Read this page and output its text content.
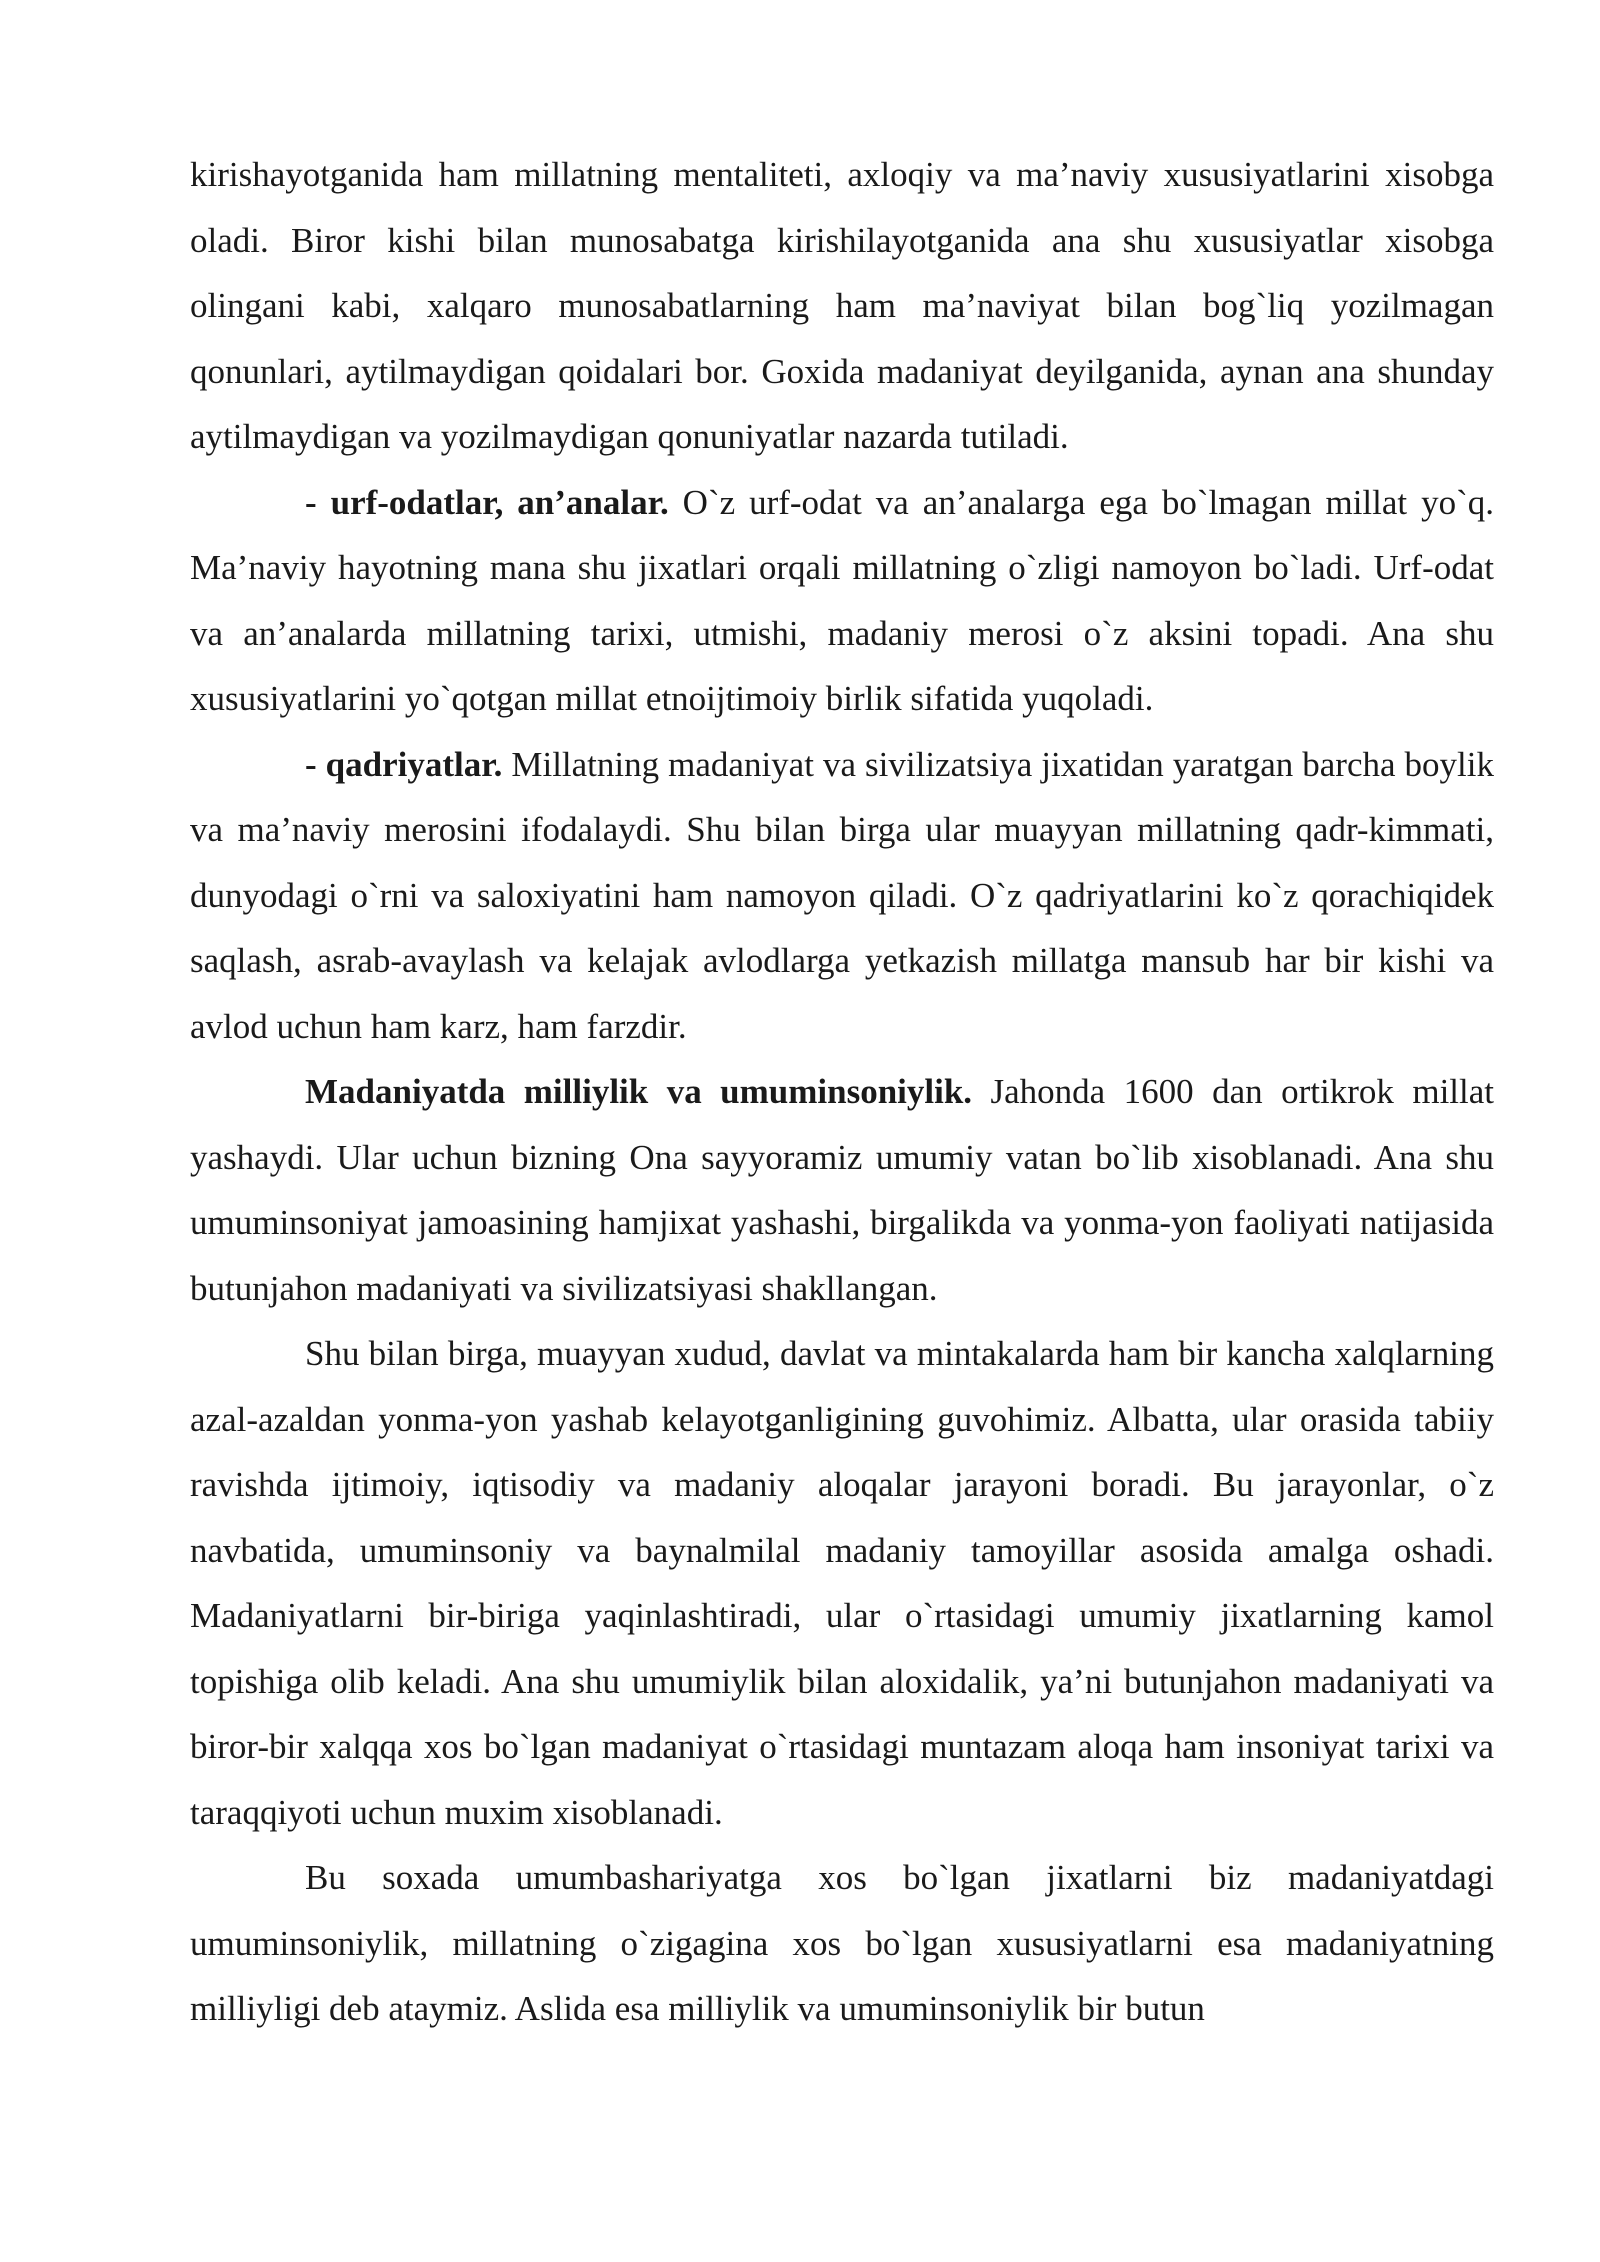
kirishayotganida ham millatning mentaliteti, axloqiy va ma’naviy xususiyatlarini xisobga oladi. Biror kishi bilan munosabatga kirishilayotganida ana shu xususiyatlar xisobga olingani kabi, xalqaro munosabatlarning ham ma’naviyat bilan bog`liq yozilmagan qonunlari, aytilmaydigan qoidalari bor. Goxida madaniyat deyilganida, aynan ana shunday aytilmaydigan va yozilmaydigan qonuniyatlar nazarda tutiladi.

- urf-odatlar, an’analar. O`z urf-odat va an’analarga ega bo`lmagan millat yo`q. Ma’naviy hayotning mana shu jixatlari orqali millatning o`zligi namoyon bo`ladi. Urf-odat va an’analarda millatning tarixi, utmishi, madaniy merosi o`z aksini topadi. Ana shu xususiyatlarini yo`qotgan millat etnoijtimoiy birlik sifatida yuqoladi.

- qadriyatlar. Millatning madaniyat va sivilizatsiya jixatidan yaratgan barcha boylik va ma’naviy merosini ifodalaydi. Shu bilan birga ular muayyan millatning qadr-kimmati, dunyodagi o`rni va saloxiyatini ham namoyon qiladi. O`z qadriyatlarini ko`z qorachiqidek saqlash, asrab-avaylash va kelajak avlodlarga yetkazish millatga mansub har bir kishi va avlod uchun ham karz, ham farzdir.

Madaniyatda milliylik va umuminsoniylik. Jahonda 1600 dan ortikrok millat yashaydi. Ular uchun bizning Ona sayyoramiz umumiy vatan bo`lib xisoblanadi. Ana shu umuminsoniyat jamoasining hamjixat yashashi, birgalikda va yonma-yon faoliyati natijasida butunjahon madaniyati va sivilizatsiyasi shakllangan.

Shu bilan birga, muayyan xudud, davlat va mintakalarda ham bir kancha xalqlarning azal-azaldan yonma-yon yashab kelayotganligining guvohimiz. Albatta, ular orasida tabiiy ravishda ijtimoiy, iqtisodiy va madaniy aloqalar jarayoni boradi. Bu jarayonlar, o`z navbatida, umuminsoniy va baynalmilal madaniy tamoyillar asosida amalga oshadi. Madaniyatlarni bir-biriga yaqinlashtiradi, ular o`rtasidagi umumiy jixatlarning kamol topishiga olib keladi. Ana shu umumiylik bilan aloxidalik, ya’ni butunjahon madaniyati va biror-bir xalqqa xos bo`lgan madaniyat o`rtasidagi muntazam aloqa ham insoniyat tarixi va taraqqiyoti uchun muxim xisoblanadi.

Bu soxada umumbashariyatga xos bo`lgan jixatlarni biz madaniyatdagi umuminsoniylik, millatning o`zigagina xos bo`lgan xususiyatlarni esa madaniyatning milliyligi deb ataymiz. Aslida esa milliylik va umuminsoniylik bir butun
